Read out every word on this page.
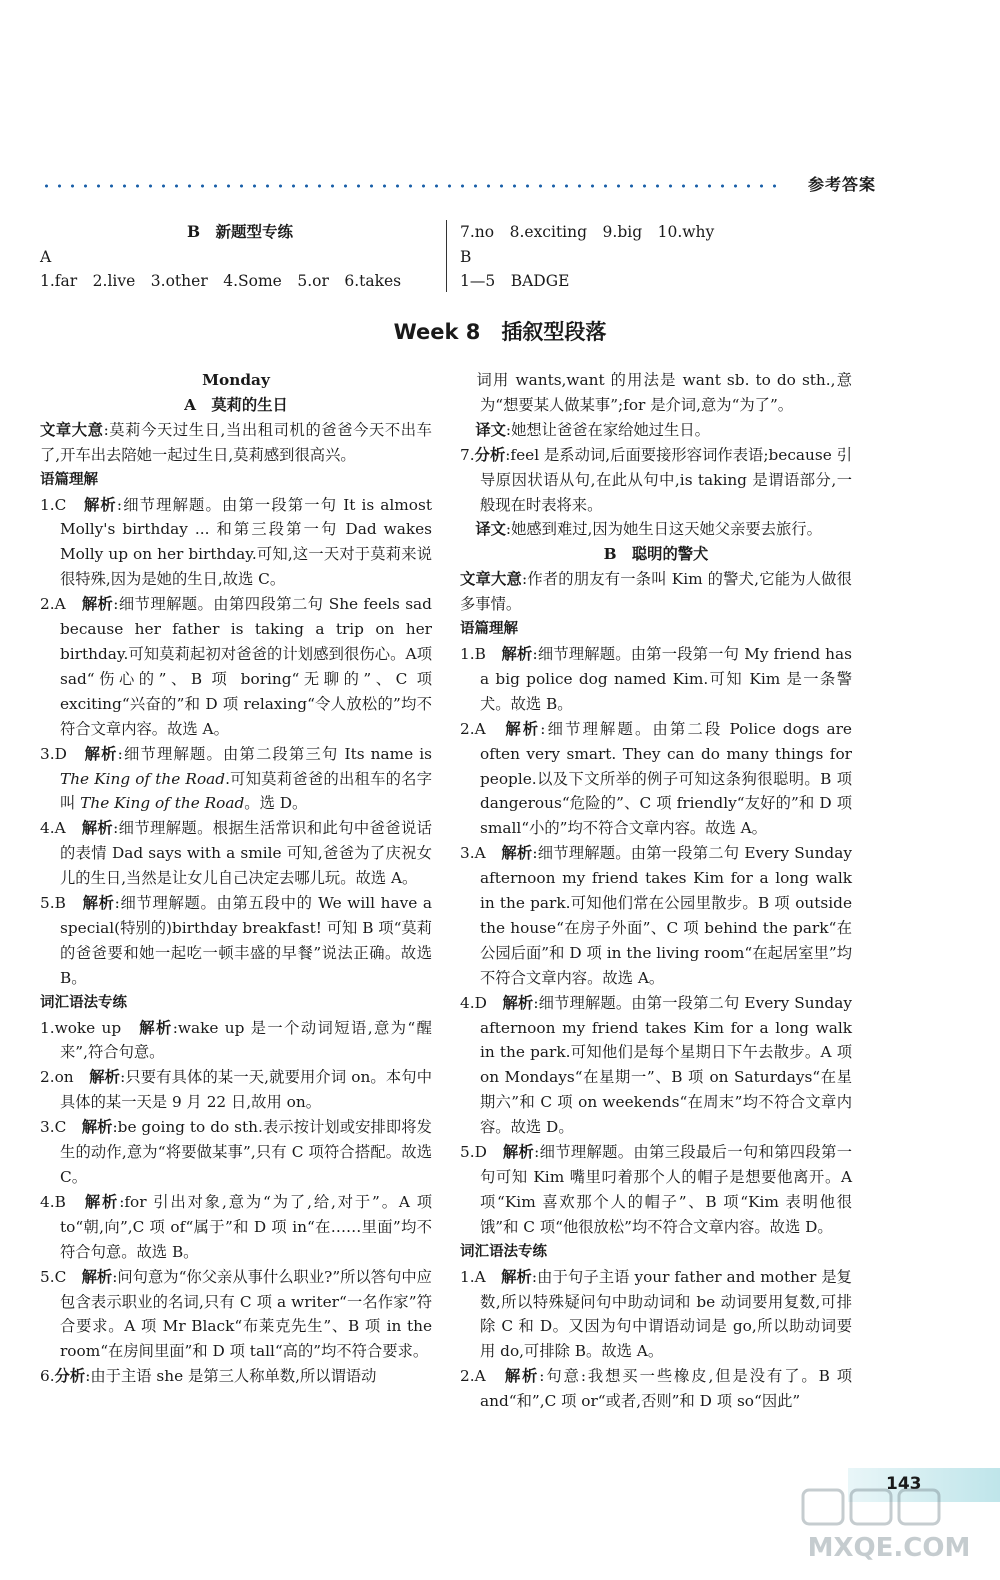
参考答案
B　新题型专练
A
1.far　2.live　3.other　4.Some　5.or　6.takes
7.no　8.exciting　9.big　10.why
B
1—5　BADGE
Week 8　插叙型段落

Monday

A　莫莉的生日

文章大意:莫莉今天过生日,当出租司机的爸爸今天不出车了,开车出去陪她一起过生日,莫莉感到很高兴。

语篇理解

1.C　解析:细节理解题。由第一段第一句 It is almost Molly's birthday ... 和第三段第一句 Dad wakes Molly up on her birthday.可知,这一天对于莫莉来说很特殊,因为是她的生日,故选 C。

2.A　解析:细节理解题。由第四段第二句 She feels sad because her father is taking a trip on her birthday.可知莫莉起初对爸爸的计划感到很伤心。A项 sad“伤心的”、B 项 boring“无聊的”、C 项exciting“兴奋的”和 D 项 relaxing“令人放松的”均不符合文章内容。故选 A。

3.D　解析:细节理解题。由第二段第三句 Its name is The King of the Road.可知莫莉爸爸的出租车的名字叫 The King of the Road。选 D。

4.A　解析:细节理解题。根据生活常识和此句中爸爸说话的表情 Dad says with a smile 可知,爸爸为了庆祝女儿的生日,当然是让女儿自己决定去哪儿玩。故选 A。

5.B　解析:细节理解题。由第五段中的 We will have a special(特别的)birthday breakfast! 可知 B 项“莫莉的爸爸要和她一起吃一顿丰盛的早餐”说法正确。故选 B。

词汇语法专练

1.woke up　解析:wake up 是一个动词短语,意为“醒来”,符合句意。

2.on　解析:只要有具体的某一天,就要用介词 on。本句中具体的某一天是 9 月 22 日,故用 on。

3.C　解析:be going to do sth.表示按计划或安排即将发生的动作,意为“将要做某事”,只有 C 项符合搭配。故选 C。

4.B　解析:for 引出对象,意为“为了,给,对于”。A 项 to“朝,向”,C 项 of“属于”和 D 项 in“在……里面”均不符合句意。故选 B。

5.C　解析:问句意为“你父亲从事什么职业?”所以答句中应包含表示职业的名词,只有 C 项 a writer“一名作家”符合要求。A 项 Mr Black“布莱克先生”、B 项 in the room“在房间里面”和 D 项 tall“高的”均不符合要求。

6.分析:由于主语 she 是第三人称单数,所以谓语动

　词用 wants,want 的用法是 want sb. to do sth.,意为“想要某人做某事”;for 是介词,意为“为了”。

　译文:她想让爸爸在家给她过生日。

7.分析:feel 是系动词,后面要接形容词作表语;because 引导原因状语从句,在此从句中,is taking 是谓语部分,一般现在时表将来。

　译文:她感到难过,因为她生日这天她父亲要去旅行。

B　聪明的警犬

文章大意:作者的朋友有一条叫 Kim 的警犬,它能为人做很多事情。

语篇理解

1.B　解析:细节理解题。由第一段第一句 My friend has a big police dog named Kim.可知 Kim 是一条警犬。故选 B。

2.A　解析:细节理解题。由第二段 Police dogs are often very smart. They can do many things for people.以及下文所举的例子可知这条狗很聪明。B 项 dangerous“危险的”、C 项 friendly“友好的”和 D 项 small“小的”均不符合文章内容。故选 A。

3.A　解析:细节理解题。由第一段第二句 Every Sunday afternoon my friend takes Kim for a long walk in the park.可知他们常在公园里散步。B 项 outside the house“在房子外面”、C 项 behind the park“在公园后面”和 D 项 in the living room“在起居室里”均不符合文章内容。故选 A。

4.D　解析:细节理解题。由第一段第二句 Every Sunday afternoon my friend takes Kim for a long walk in the park.可知他们是每个星期日下午去散步。A 项 on Mondays“在星期一”、B 项 on Saturdays“在星期六”和 C 项 on weekends“在周末”均不符合文章内容。故选 D。

5.D　解析:细节理解题。由第三段最后一句和第四段第一句可知 Kim 嘴里叼着那个人的帽子是想要他离开。A 项“Kim 喜欢那个人的帽子”、B 项“Kim 表明他很饿”和 C 项“他很放松”均不符合文章内容。故选 D。

词汇语法专练

1.A　解析:由于句子主语 your father and mother 是复数,所以特殊疑问句中助动词和 be 动词要用复数,可排除 C 和 D。又因为句中谓语动词是 go,所以助动词要用 do,可排除 B。故选 A。

2.A　解析:句意:我想买一些橡皮,但是没有了。B 项 and“和”,C 项 or“或者,否则”和 D 项 so“因此”

143
MXQE.COM
